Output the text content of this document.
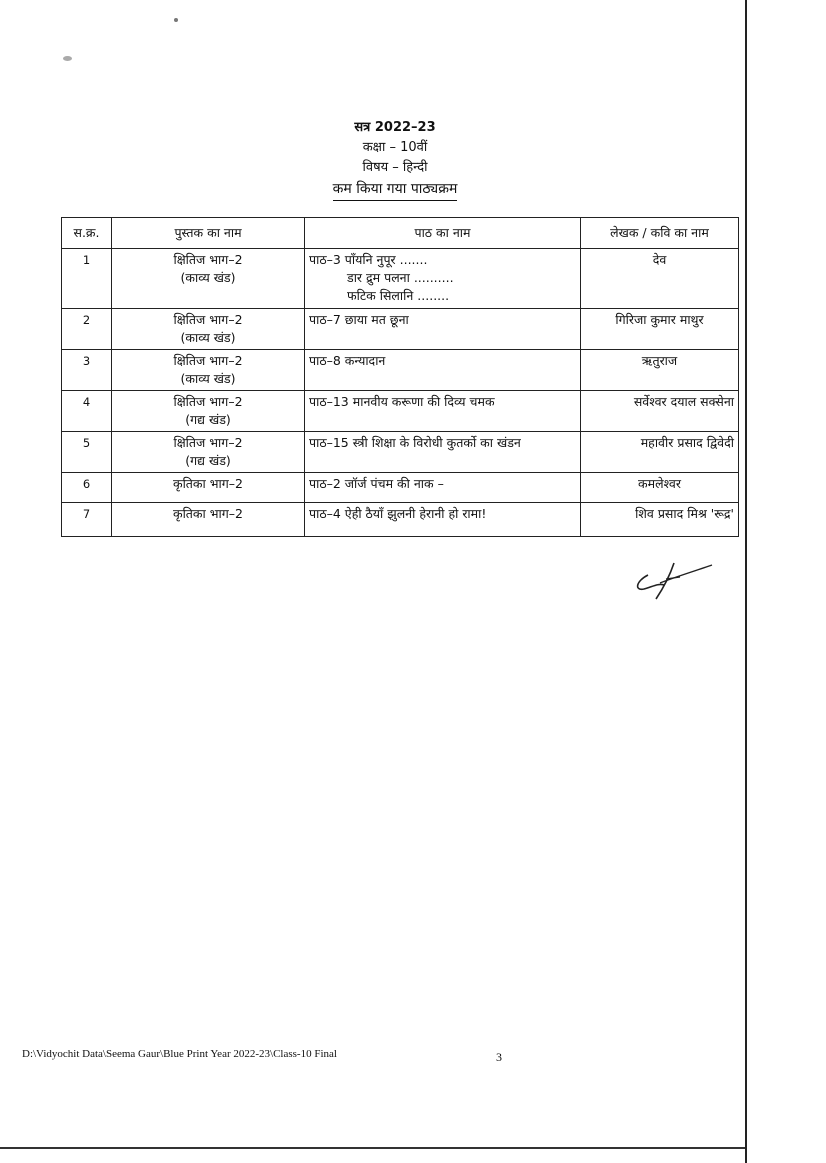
सत्र 2022–23
कक्षा – 10वीं
विषय – हिन्दी
कम किया गया पाठ्यक्रम
स.क्र.	पुस्तक का नाम	पाठ का नाम	लेखक / कवि का नाम
1	क्षितिज भाग–2
(काव्य खंड)	पाठ–3 पाँयनि नुपूर .......
डार द्रुम पलना ..........
फटिक सिलानि ........	देव
2	क्षितिज भाग–2
(काव्य खंड)	पाठ–7 छाया मत छूना	गिरिजा कुमार माथुर
3	क्षितिज भाग–2
(काव्य खंड)	पाठ–8 कन्यादान	ऋतुराज
4	क्षितिज भाग–2
(गद्य खंड)	पाठ–13 मानवीय करूणा की दिव्य चमक	सर्वेश्वर दयाल सक्सेना
5	क्षितिज भाग–2
(गद्य खंड)	पाठ–15 स्त्री शिक्षा के विरोधी कुतर्को का खंडन	महावीर प्रसाद द्विवेदी
6	कृतिका भाग–2	पाठ–2 जॉर्ज पंचम की नाक –	कमलेश्वर
7	कृतिका भाग–2	पाठ–4 ऐही ठैयाँ झुलनी हेरानी हो रामा!	शिव प्रसाद मिश्र 'रूद्र'
D:\Vidyochit Data\Seema Gaur\Blue Print Year 2022-23\Class-10 Final	3
